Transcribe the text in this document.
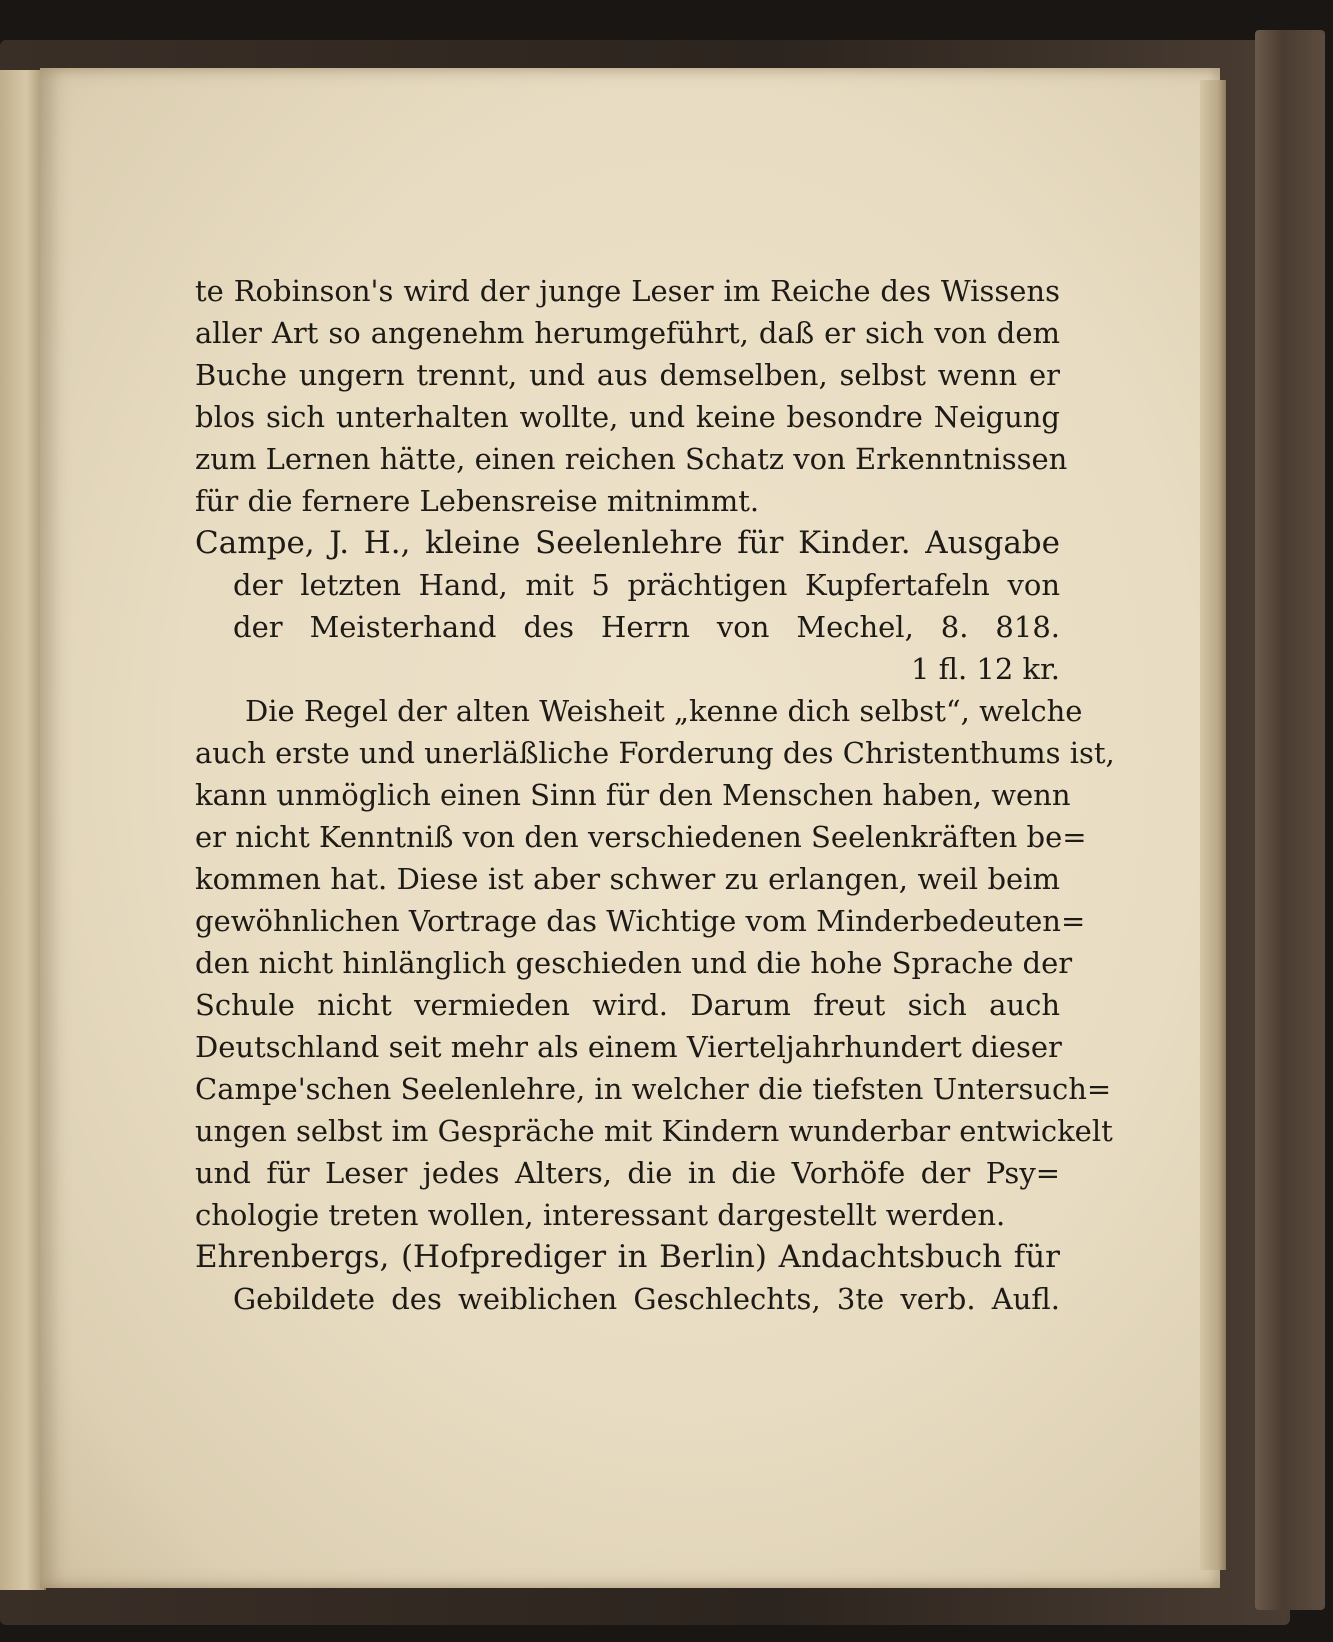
te Robinson's wird der junge Leser im Reiche des Wissens
aller Art so angenehm herumgeführt, daß er sich von dem
Buche ungern trennt, und aus demselben, selbst wenn er
blos sich unterhalten wollte, und keine besondre Neigung
zum Lernen hätte, einen reichen Schatz von Erkenntnissen
für die fernere Lebensreise mitnimmt.
Campe, J. H., kleine Seelenlehre für Kinder. Ausgabe
der letzten Hand, mit 5 prächtigen Kupfertafeln von
der Meisterhand des Herrn von Mechel, 8. 818.
1 fl. 12 kr.
Die Regel der alten Weisheit „kenne dich selbst“, welche
auch erste und unerläßliche Forderung des Christenthums ist,
kann unmöglich einen Sinn für den Menschen haben, wenn
er nicht Kenntniß von den verschiedenen Seelenkräften be=
kommen hat. Diese ist aber schwer zu erlangen, weil beim
gewöhnlichen Vortrage das Wichtige vom Minderbedeuten=
den nicht hinlänglich geschieden und die hohe Sprache der
Schule nicht vermieden wird. Darum freut sich auch
Deutschland seit mehr als einem Vierteljahrhundert dieser
Campe'schen Seelenlehre, in welcher die tiefsten Untersuch=
ungen selbst im Gespräche mit Kindern wunderbar entwickelt
und für Leser jedes Alters, die in die Vorhöfe der Psy=
chologie treten wollen, interessant dargestellt werden.
Ehrenbergs, (Hofprediger in Berlin) Andachtsbuch für
Gebildete des weiblichen Geschlechts, 3te verb. Aufl.
